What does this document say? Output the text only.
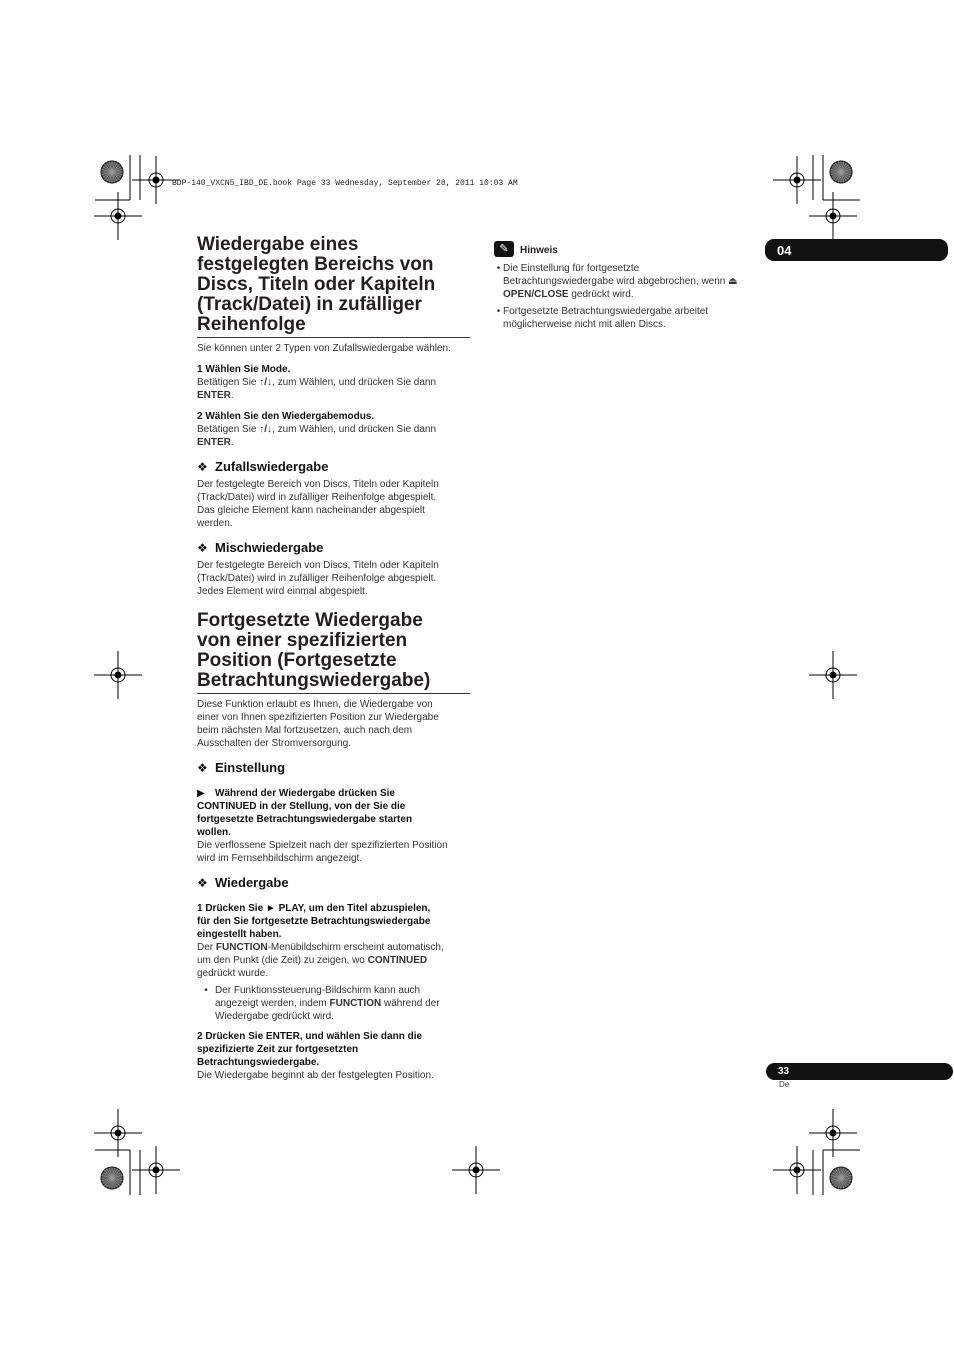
BDP-140_VXCN5_IBD_DE.book Page 33 Wednesday, September 28, 2011 10:03 AM
04
33
De
Wiedergabe eines
festgelegten Bereichs von
Discs, Titeln oder Kapiteln
(Track/Datei) in zufälliger
Reihenfolge

Sie können unter 2 Typen von Zufallswiedergabe wählen.

1 Wählen Sie Mode.

Betätigen Sie ↑/↓, zum Wählen, und drücken Sie dann
ENTER.

2 Wählen Sie den Wiedergabemodus.

Betätigen Sie ↑/↓, zum Wählen, und drücken Sie dann
ENTER.

❖ Zufallswiedergabe

Der festgelegte Bereich von Discs, Titeln oder Kapiteln
(Track/Datei) wird in zufälliger Reihenfolge abgespielt.
Das gleiche Element kann nacheinander abgespielt
werden.

❖ Mischwiedergabe

Der festgelegte Bereich von Discs, Titeln oder Kapiteln
(Track/Datei) wird in zufälliger Reihenfolge abgespielt.
Jedes Element wird einmal abgespielt.

Fortgesetzte Wiedergabe
von einer spezifizierten
Position (Fortgesetzte
Betrachtungswiedergabe)

Diese Funktion erlaubt es Ihnen, die Wiedergabe von
einer von Ihnen spezifizierten Position zur Wiedergabe
beim nächsten Mal fortzusetzen, auch nach dem
Ausschalten der Stromversorgung.

❖ Einstellung

▶ Während der Wiedergabe drücken Sie
CONTINUED in der Stellung, von der Sie die
fortgesetzte Betrachtungswiedergabe starten
wollen.

Die verflossene Spielzeit nach der spezifizierten Position
wird im Fernsehbildschirm angezeigt.

❖ Wiedergabe

1 Drücken Sie ► PLAY, um den Titel abzuspielen,
für den Sie fortgesetzte Betrachtungswiedergabe
eingestellt haben.

Der FUNCTION-Menübildschirm erscheint automatisch,
um den Punkt (die Zeit) zu zeigen, wo CONTINUED
gedrückt wurde.

• Der Funktionssteuerung-Bildschirm kann auch
angezeigt werden, indem FUNCTION während der
Wiedergabe gedrückt wird.

2 Drücken Sie ENTER, und wählen Sie dann die
spezifizierte Zeit zur fortgesetzten
Betrachtungswiedergabe.

Die Wiedergabe beginnt ab der festgelegten Position.

✎	Hinweis
• Die Einstellung für fortgesetzte
Betrachtungswiedergabe wird abgebrochen, wenn ⏏
OPEN/CLOSE gedrückt wird.
• Fortgesetzte Betrachtungswiedergabe arbeitet
möglicherweise nicht mit allen Discs.
